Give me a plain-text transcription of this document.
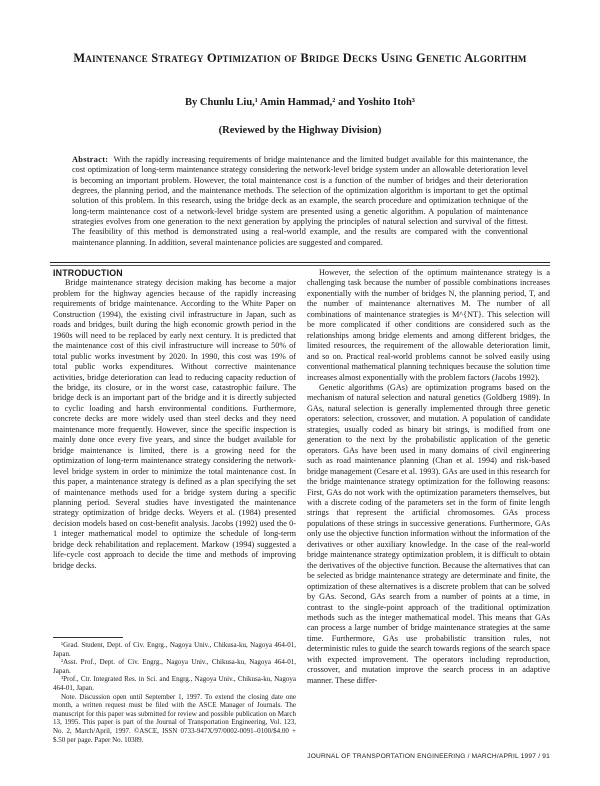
Maintenance Strategy Optimization of Bridge Decks Using Genetic Algorithm
By Chunlu Liu,¹ Amin Hammad,² and Yoshito Itoh³
(Reviewed by the Highway Division)
Abstract: With the rapidly increasing requirements of bridge maintenance and the limited budget available for this maintenance, the cost optimization of long-term maintenance strategy considering the network-level bridge system under an allowable deterioration level is becoming an important problem. However, the total maintenance cost is a function of the number of bridges and their deterioration degrees, the planning period, and the maintenance methods. The selection of the optimization algorithm is important to get the optimal solution of this problem. In this research, using the bridge deck as an example, the search procedure and optimization technique of the long-term maintenance cost of a network-level bridge system are presented using a genetic algorithm. A population of maintenance strategies evolves from one generation to the next generation by applying the principles of natural selection and survival of the fittest. The feasibility of this method is demonstrated using a real-world example, and the results are compared with the conventional maintenance planning. In addition, several maintenance policies are suggested and compared.

INTRODUCTION

Bridge maintenance strategy decision making has become a major problem for the highway agencies because of the rapidly increasing requirements of bridge maintenance. According to the White Paper on Construction (1994), the existing civil infrastructure in Japan, such as roads and bridges, built during the high economic growth period in the 1960s will need to be replaced by early next century. It is predicted that the maintenance cost of this civil infrastructure will increase to 50% of total public works investment by 2020. In 1990, this cost was 19% of total public works expenditures. Without corrective maintenance activities, bridge deterioration can lead to reducing capacity reduction of the bridge, its closure, or in the worst case, catastrophic failure. The bridge deck is an important part of the bridge and it is directly subjected to cyclic loading and harsh environmental conditions. Furthermore, concrete decks are more widely used than steel decks and they need maintenance more frequently. However, since the specific inspection is mainly done once every five years, and since the budget available for bridge maintenance is limited, there is a growing need for the optimization of long-term maintenance strategy considering the network-level bridge system in order to minimize the total maintenance cost. In this paper, a maintenance strategy is defined as a plan specifying the set of maintenance methods used for a bridge system during a specific planning period. Several studies have investigated the maintenance strategy optimization of bridge decks. Weyers et al. (1984) presented decision models based on cost-benefit analysis. Jacobs (1992) used the 0-1 integer mathematical model to optimize the schedule of long-term bridge deck rehabilitation and replacement. Markow (1994) suggested a life-cycle cost approach to decide the time and methods of improving bridge decks.

¹Grad. Student, Dept. of Civ. Engrg., Nagoya Univ., Chikusa-ku, Nagoya 464-01, Japan.

²Asst. Prof., Dept. of Civ. Engrg., Nagoya Univ., Chikusa-ku, Nagoya 464-01, Japan.

³Prof., Ctr. Integrated Res. in Sci. and Engrg., Nagoya Univ., Chikusa-ku, Nagoya 464-01, Japan.

Note. Discussion open until September 1, 1997. To extend the closing date one month, a written request must be filed with the ASCE Manager of Journals. The manuscript for this paper was submitted for review and possible publication on March 13, 1995. This paper is part of the Journal of Transportation Engineering, Vol. 123, No. 2, March/April, 1997. ©ASCE, ISSN 0733-947X/97/0002-0091–0100/$4.00 + $.50 per page. Paper No. 10389.

However, the selection of the optimum maintenance strategy is a challenging task because the number of possible combinations increases exponentially with the number of bridges N, the planning period, T, and the number of maintenance alternatives M. The number of all combinations of maintenance strategies is M^{NT}. This selection will be more complicated if other conditions are considered such as the relationships among bridge elements and among different bridges, the limited resources, the requirement of the allowable deterioration limit, and so on. Practical real-world problems cannot be solved easily using conventional mathematical planning techniques because the solution time increases almost exponentially with the problem factors (Jacobs 1992).

Genetic algorithms (GAs) are optimization programs based on the mechanism of natural selection and natural genetics (Goldberg 1989). In GAs, natural selection is generally implemented through three genetic operators: selection, crossover, and mutation. A population of candidate strategies, usually coded as binary bit strings, is modified from one generation to the next by the probabilistic application of the genetic operators. GAs have been used in many domains of civil engineering such as road maintenance planning (Chan et al. 1994) and risk-based bridge management (Cesare et al. 1993). GAs are used in this research for the bridge maintenance strategy optimization for the following reasons: First, GAs do not work with the optimization parameters themselves, but with a discrete coding of the parameters set in the form of finite length strings that represent the artificial chromosomes. GAs process populations of these strings in successive generations. Furthermore, GAs only use the objective function information without the information of the derivatives or other auxiliary knowledge. In the case of the real-world bridge maintenance strategy optimization problem, it is difficult to obtain the derivatives of the objective function. Because the alternatives that can be selected as bridge maintenance strategy are determinate and finite, the optimization of these alternatives is a discrete problem that can be solved by GAs. Second, GAs search from a number of points at a time, in contrast to the single-point approach of the traditional optimization methods such as the integer mathematical model. This means that GAs can process a large number of bridge maintenance strategies at the same time. Furthermore, GAs use probabilistic transition rules, not deterministic rules to guide the search towards regions of the search space with expected improvement. The operators including reproduction, crossover, and mutation improve the search process in an adaptive manner. These differ-

JOURNAL OF TRANSPORTATION ENGINEERING / MARCH/APRIL 1997 / 91
